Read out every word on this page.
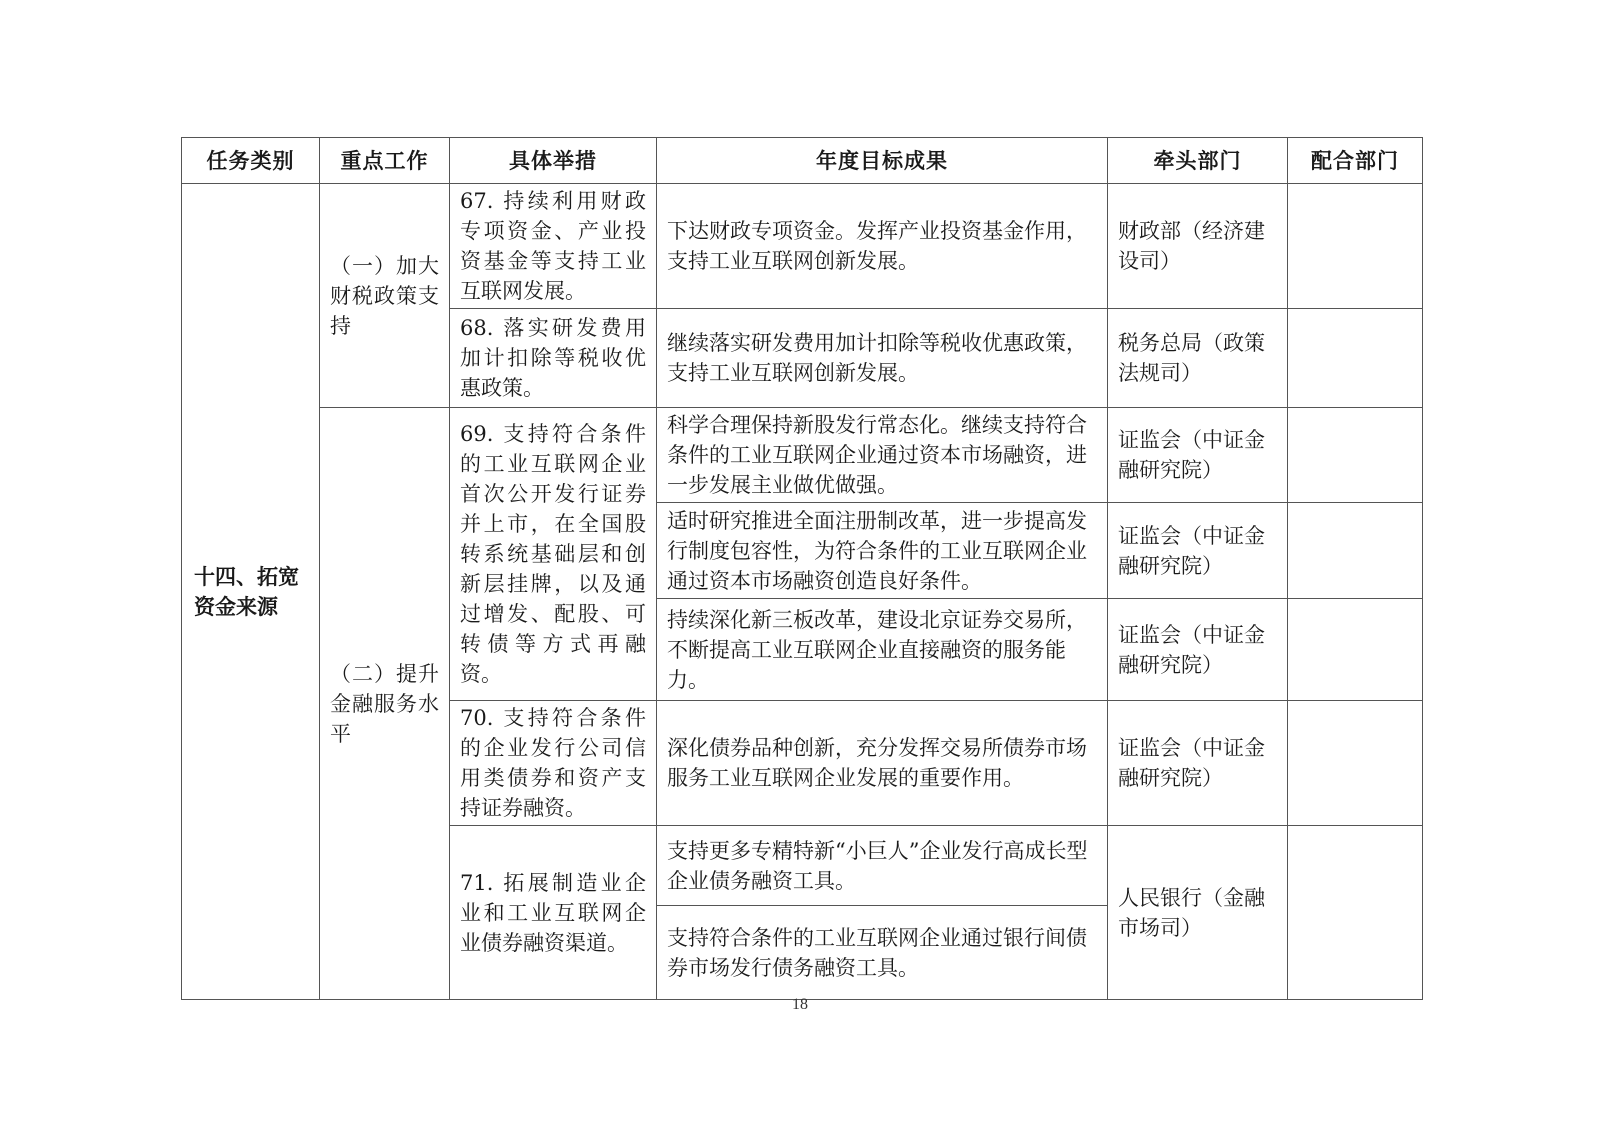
任务类别	重点工作	具体举措	年度目标成果	牵头部门	配合部门
十四、拓宽资金来源	（一）加大财税政策支持	67. 持续利用财政专项资金、产业投资基金等支持工业互联网发展。	下达财政专项资金。发挥产业投资基金作用，支持工业互联网创新发展。	财政部（经济建设司）	
		68. 落实研发费用加计扣除等税收优惠政策。	继续落实研发费用加计扣除等税收优惠政策，支持工业互联网创新发展。	税务总局（政策法规司）	
	（二）提升金融服务水平	69. 支持符合条件的工业互联网企业首次公开发行证券并上市，在全国股转系统基础层和创新层挂牌，以及通过增发、配股、可转债等方式再融资。	科学合理保持新股发行常态化。继续支持符合条件的工业互联网企业通过资本市场融资，进一步发展主业做优做强。	证监会（中证金融研究院）	
			适时研究推进全面注册制改革，进一步提高发行制度包容性，为符合条件的工业互联网企业通过资本市场融资创造良好条件。	证监会（中证金融研究院）	
			持续深化新三板改革，建设北京证券交易所，不断提高工业互联网企业直接融资的服务能力。	证监会（中证金融研究院）	
		70. 支持符合条件的企业发行公司信用类债券和资产支持证券融资。	深化债券品种创新，充分发挥交易所债券市场服务工业互联网企业发展的重要作用。	证监会（中证金融研究院）	
		71. 拓展制造业企业和工业互联网企业债券融资渠道。	支持更多专精特新“小巨人”企业发行高成长型企业债务融资工具。	人民银行（金融市场司）	
			支持符合条件的工业互联网企业通过银行间债券市场发行债务融资工具。		
18
